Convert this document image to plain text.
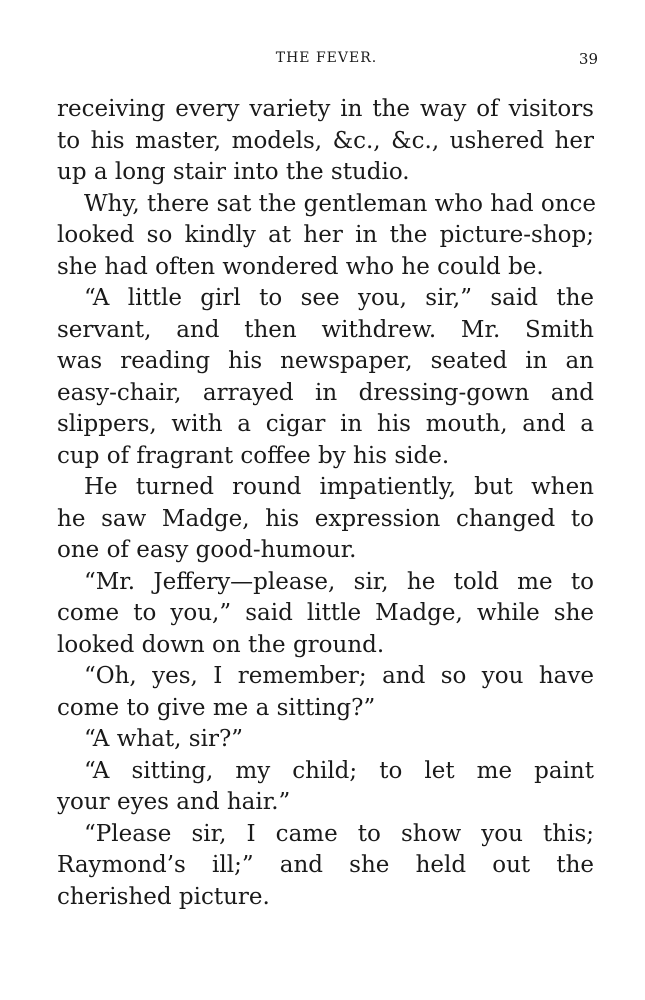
THE FEVER.	39
receiving every variety in the way of visitors
to his master, models, &c., &c., ushered her
up a long stair into the studio.
Why, there sat the gentleman who had once
looked so kindly at her in the picture-shop;
she had often wondered who he could be.
“A little girl to see you, sir,” said the
servant, and then withdrew. Mr. Smith
was reading his newspaper, seated in an
easy-chair, arrayed in dressing-gown and
slippers, with a cigar in his mouth, and a
cup of fragrant coffee by his side.
He turned round impatiently, but when
he saw Madge, his expression changed to
one of easy good-humour.
“Mr. Jeffery—please, sir, he told me to
come to you,” said little Madge, while she
looked down on the ground.
“Oh, yes, I remember; and so you have
come to give me a sitting?”
“A what, sir?”
“A sitting, my child; to let me paint
your eyes and hair.”
“Please sir, I came to show you this;
Raymond’s ill;” and she held out the
cherished picture.
